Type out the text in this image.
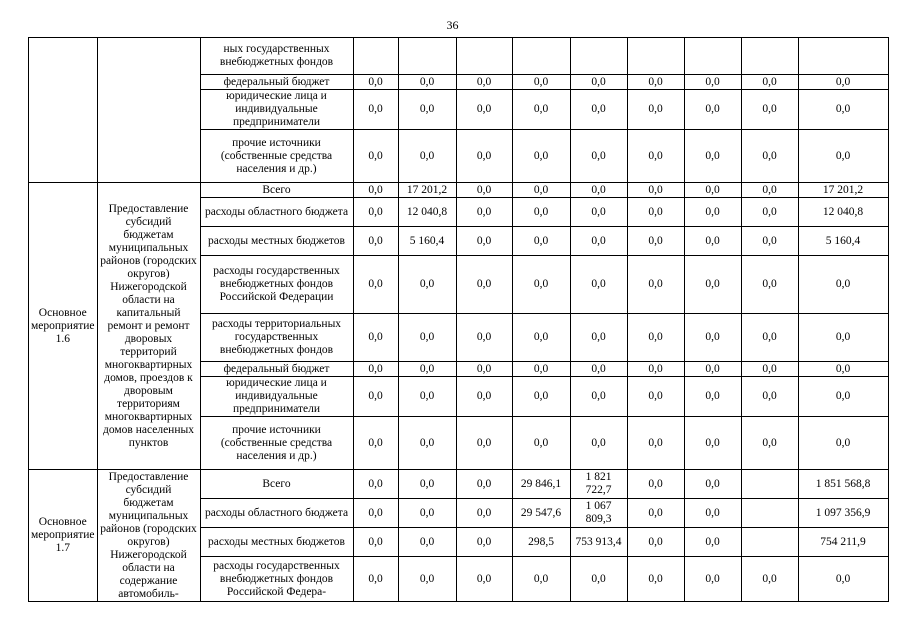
36
		ных государственных внебюджетных фондов									
		федеральный бюджет	0,0	0,0	0,0	0,0	0,0	0,0	0,0	0,0	0,0
		юридические лица и индивидуальные предприниматели	0,0	0,0	0,0	0,0	0,0	0,0	0,0	0,0	0,0
		прочие источники (собственные средства населения и др.)	0,0	0,0	0,0	0,0	0,0	0,0	0,0	0,0	0,0
Основное мероприятие 1.6	Предоставление субсидий бюджетам муниципальных районов (городских округов) Нижегородской области на капитальный ремонт и ремонт дворовых территорий многоквартирных домов, проездов к дворовым территориям многоквартирных домов населенных пунктов	Всего	0,0	17 201,2	0,0	0,0	0,0	0,0	0,0	0,0	17 201,2
		расходы областного бюджета	0,0	12 040,8	0,0	0,0	0,0	0,0	0,0	0,0	12 040,8
		расходы местных бюджетов	0,0	5 160,4	0,0	0,0	0,0	0,0	0,0	0,0	5 160,4
		расходы государственных внебюджетных фондов Российской Федерации	0,0	0,0	0,0	0,0	0,0	0,0	0,0	0,0	0,0
		расходы территориальных государственных внебюджетных фондов	0,0	0,0	0,0	0,0	0,0	0,0	0,0	0,0	0,0
		федеральный бюджет	0,0	0,0	0,0	0,0	0,0	0,0	0,0	0,0	0,0
		юридические лица и индивидуальные предприниматели	0,0	0,0	0,0	0,0	0,0	0,0	0,0	0,0	0,0
		прочие источники (собственные средства населения и др.)	0,0	0,0	0,0	0,0	0,0	0,0	0,0	0,0	0,0
Основное мероприятие 1.7	Предоставление субсидий бюджетам муниципальных районов (городских округов) Нижегородской области на содержание автомобиль-	Всего	0,0	0,0	0,0	29 846,1	1 821 722,7	0,0	0,0		1 851 568,8
		расходы областного бюджета	0,0	0,0	0,0	29 547,6	1 067 809,3	0,0	0,0		1 097 356,9
		расходы местных бюджетов	0,0	0,0	0,0	298,5	753 913,4	0,0	0,0		754 211,9
		расходы государственных внебюджетных фондов Российской Федера-	0,0	0,0	0,0	0,0	0,0	0,0	0,0	0,0	0,0
